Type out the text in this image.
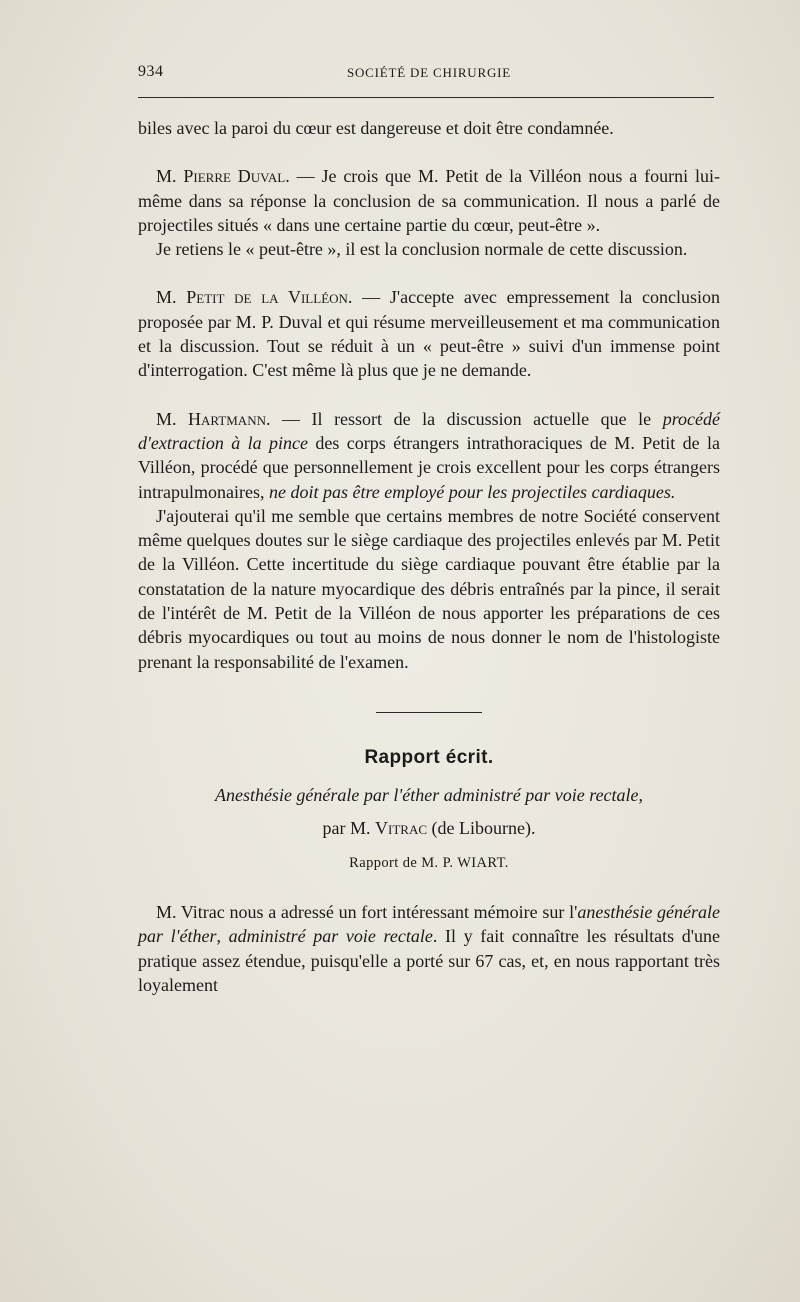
934	SOCIÉTÉ DE CHIRURGIE

biles avec la paroi du cœur est dangereuse et doit être condamnée.

M. Pierre Duval. — Je crois que M. Petit de la Villéon nous a fourni lui-même dans sa réponse la conclusion de sa communication. Il nous a parlé de projectiles situés « dans une certaine partie du cœur, peut-être ».

Je retiens le « peut-être », il est la conclusion normale de cette discussion.

M. Petit de la Villéon. — J'accepte avec empressement la conclusion proposée par M. P. Duval et qui résume merveilleusement et ma communication et la discussion. Tout se réduit à un « peut-être » suivi d'un immense point d'interrogation. C'est même là plus que je ne demande.

M. Hartmann. — Il ressort de la discussion actuelle que le procédé d'extraction à la pince des corps étrangers intrathoraciques de M. Petit de la Villéon, procédé que personnellement je crois excellent pour les corps étrangers intrapulmonaires, ne doit pas être employé pour les projectiles cardiaques.

J'ajouterai qu'il me semble que certains membres de notre Société conservent même quelques doutes sur le siège cardiaque des projectiles enlevés par M. Petit de la Villéon. Cette incertitude du siège cardiaque pouvant être établie par la constatation de la nature myocardique des débris entraînés par la pince, il serait de l'intérêt de M. Petit de la Villéon de nous apporter les préparations de ces débris myocardiques ou tout au moins de nous donner le nom de l'histologiste prenant la responsabilité de l'examen.

Rapport écrit.
Anesthésie générale par l'éther administré par voie rectale,
par M. Vitrac (de Libourne).
Rapport de M. P. WIART.

M. Vitrac nous a adressé un fort intéressant mémoire sur l'anesthésie générale par l'éther, administré par voie rectale. Il y fait connaître les résultats d'une pratique assez étendue, puisqu'elle a porté sur 67 cas, et, en nous rapportant très loyalement
